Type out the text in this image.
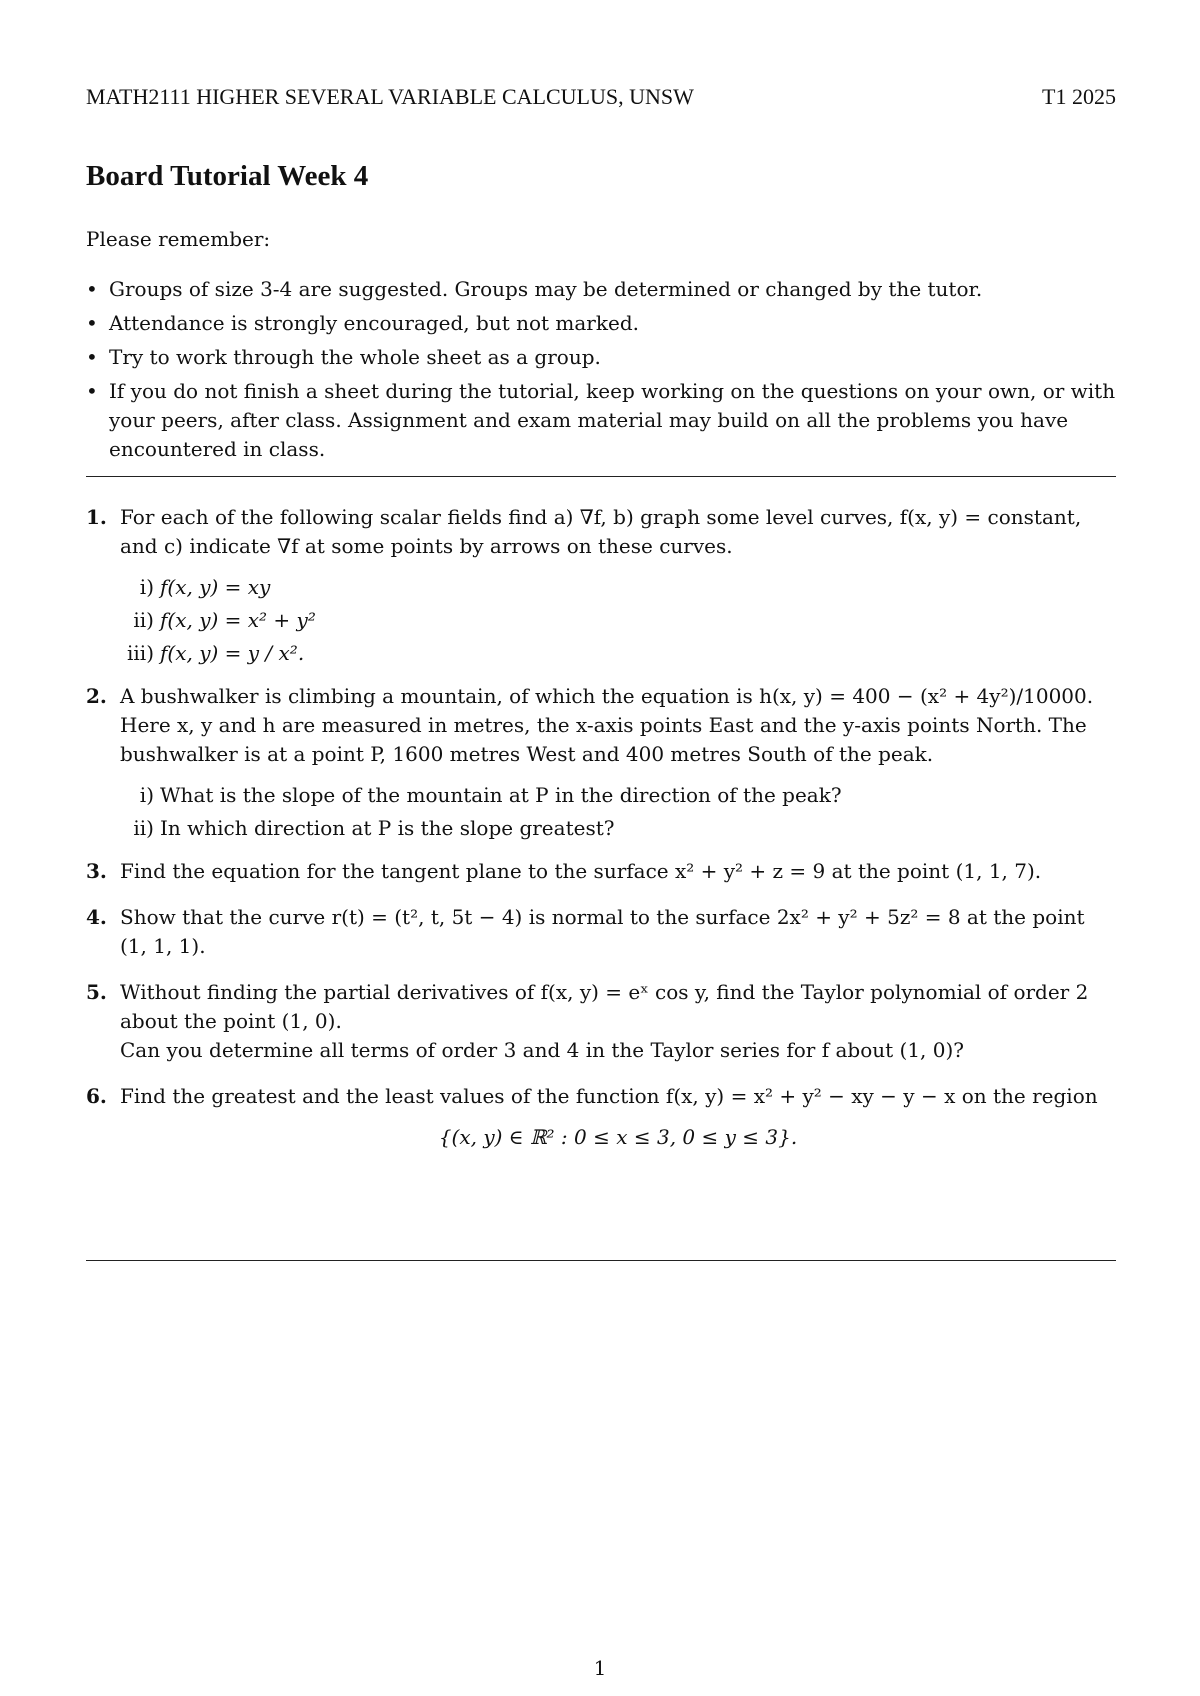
MATH2111 HIGHER SEVERAL VARIABLE CALCULUS, UNSW	T1 2025
Board Tutorial Week 4
Please remember:
• Groups of size 3-4 are suggested. Groups may be determined or changed by the tutor.
• Attendance is strongly encouraged, but not marked.
• Try to work through the whole sheet as a group.
• If you do not finish a sheet during the tutorial, keep working on the questions on your own, or with your peers, after class. Assignment and exam material may build on all the problems you have encountered in class.
1. For each of the following scalar fields find a) ∇f, b) graph some level curves, f(x, y) = constant, and c) indicate ∇f at some points by arrows on these curves.
i) f(x, y) = xy
ii) f(x, y) = x² + y²
iii) f(x, y) = y / x².
2. A bushwalker is climbing a mountain, of which the equation is h(x, y) = 400 − (x² + 4y²)/10000. Here x, y and h are measured in metres, the x-axis points East and the y-axis points North. The bushwalker is at a point P, 1600 metres West and 400 metres South of the peak.
i) What is the slope of the mountain at P in the direction of the peak?
ii) In which direction at P is the slope greatest?
3. Find the equation for the tangent plane to the surface x² + y² + z = 9 at the point (1, 1, 7).
4. Show that the curve r(t) = (t², t, 5t − 4) is normal to the surface 2x² + y² + 5z² = 8 at the point (1, 1, 1).
5. Without finding the partial derivatives of f(x, y) = eˣ cos y, find the Taylor polynomial of order 2 about the point (1, 0).
Can you determine all terms of order 3 and 4 in the Taylor series for f about (1, 0)?
6. Find the greatest and the least values of the function f(x, y) = x² + y² − xy − y − x on the region
{(x, y) ∈ ℝ² : 0 ≤ x ≤ 3, 0 ≤ y ≤ 3}.
1
